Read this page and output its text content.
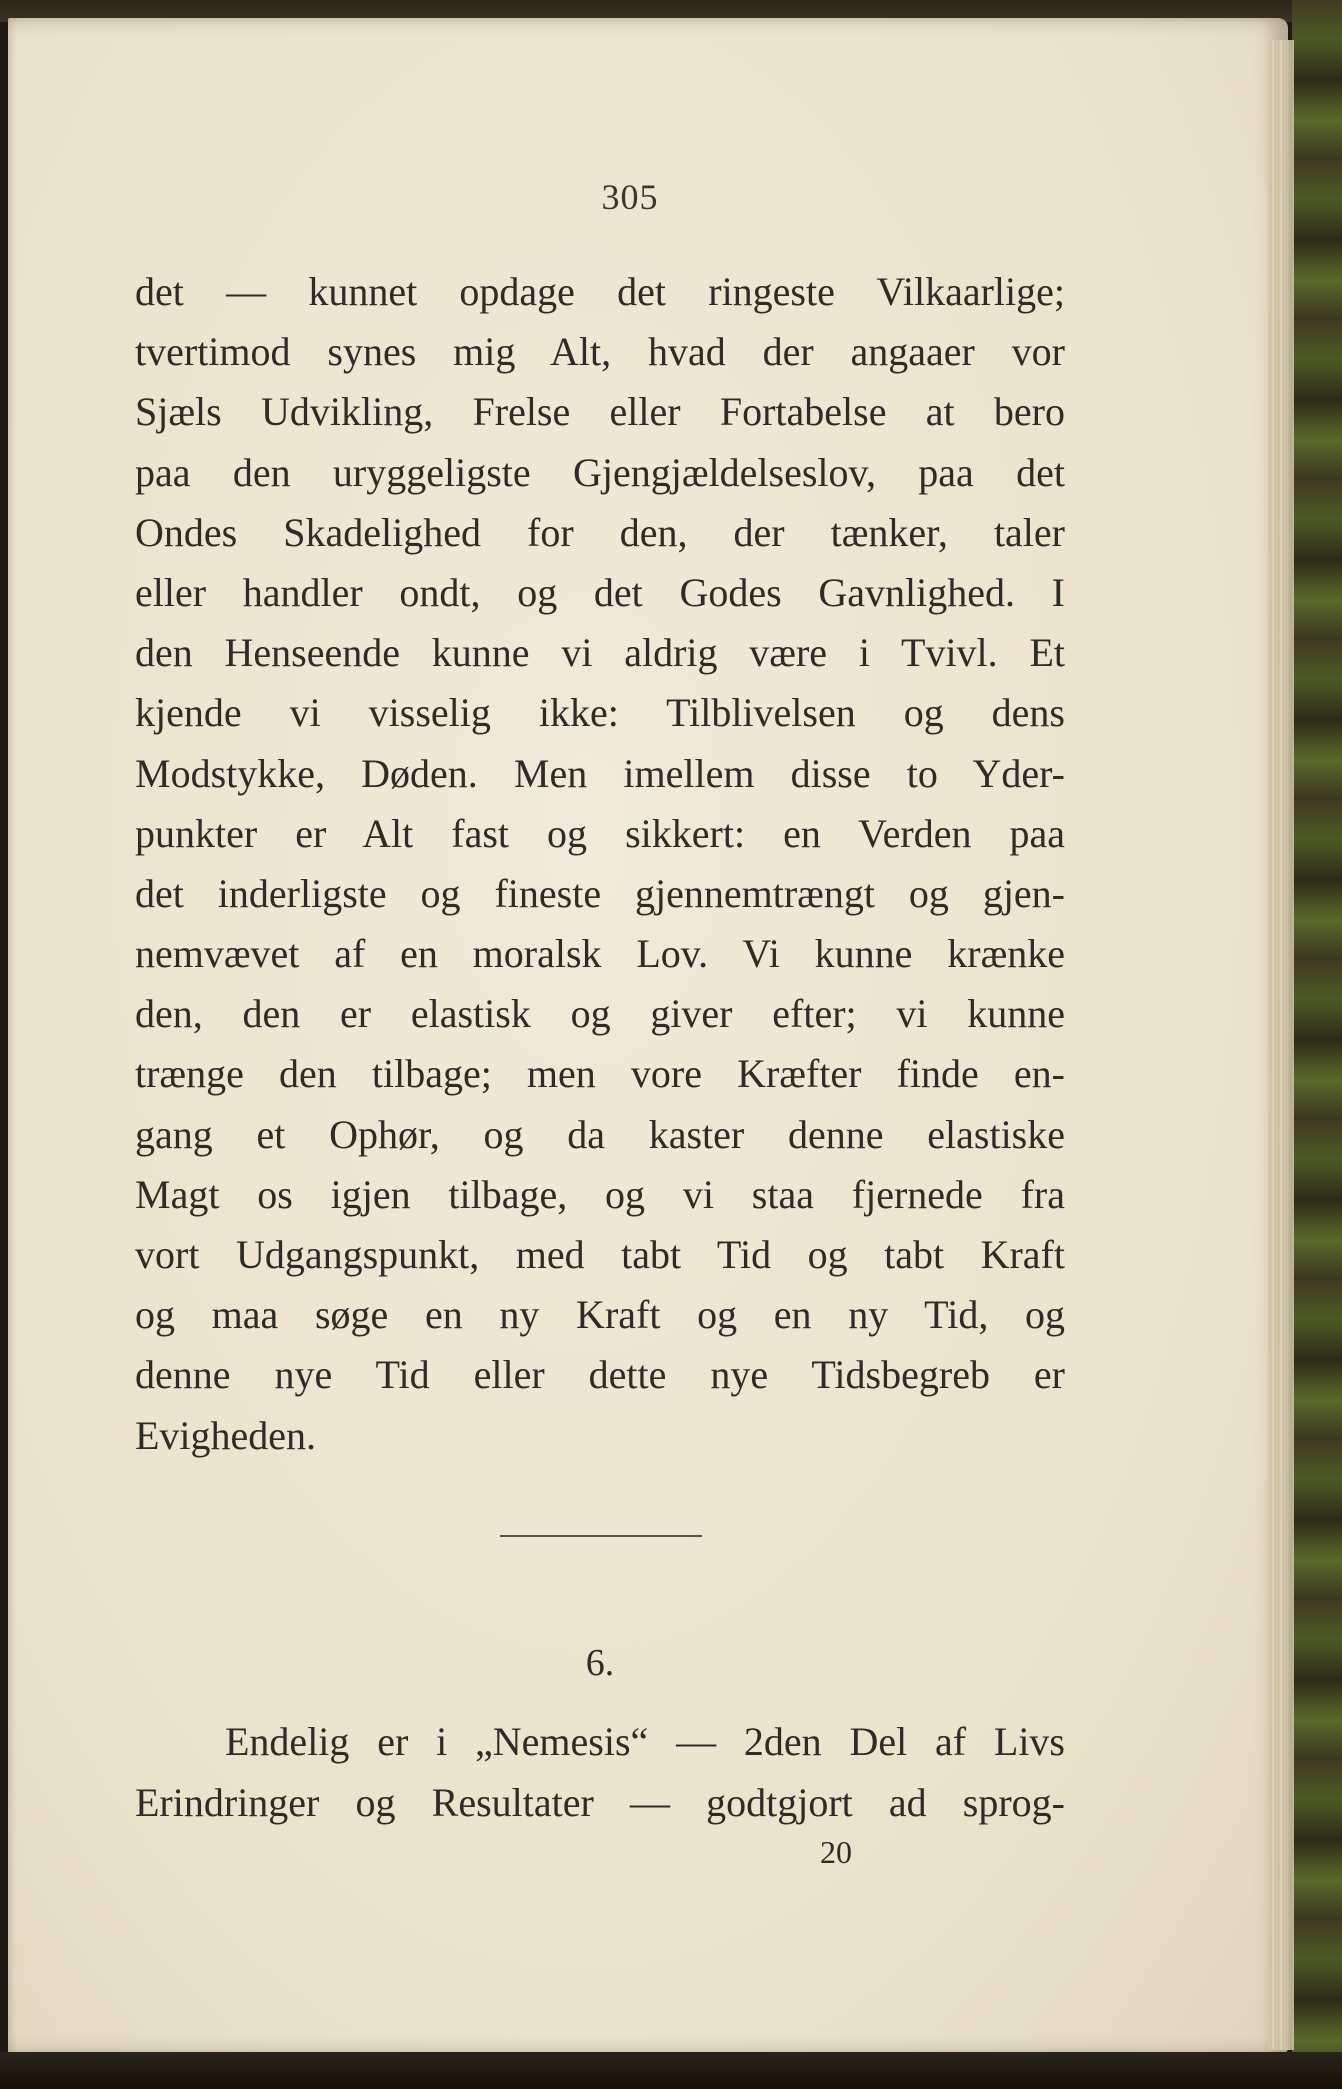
305
det — kunnet opdage det ringeste Vilkaarlige;
tvertimod synes mig Alt, hvad der angaaer vor
Sjæls Udvikling, Frelse eller Fortabelse at bero
paa den uryggeligste Gjengjældelseslov, paa det
Ondes Skadelighed for den, der tænker, taler
eller handler ondt, og det Godes Gavnlighed. I
den Henseende kunne vi aldrig være i Tvivl. Et
kjende vi visselig ikke: Tilblivelsen og dens
Modstykke, Døden. Men imellem disse to Yder-
punkter er Alt fast og sikkert: en Verden paa
det inderligste og fineste gjennemtrængt og gjen-
nemvævet af en moralsk Lov. Vi kunne krænke
den, den er elastisk og giver efter; vi kunne
trænge den tilbage; men vore Kræfter finde en-
gang et Ophør, og da kaster denne elastiske
Magt os igjen tilbage, og vi staa fjernede fra
vort Udgangspunkt, med tabt Tid og tabt Kraft
og maa søge en ny Kraft og en ny Tid, og
denne nye Tid eller dette nye Tidsbegreb er
Evigheden.
6.
Endelig er i „Nemesis“ — 2den Del af Livs
Erindringer og Resultater — godtgjort ad sprog-
20
